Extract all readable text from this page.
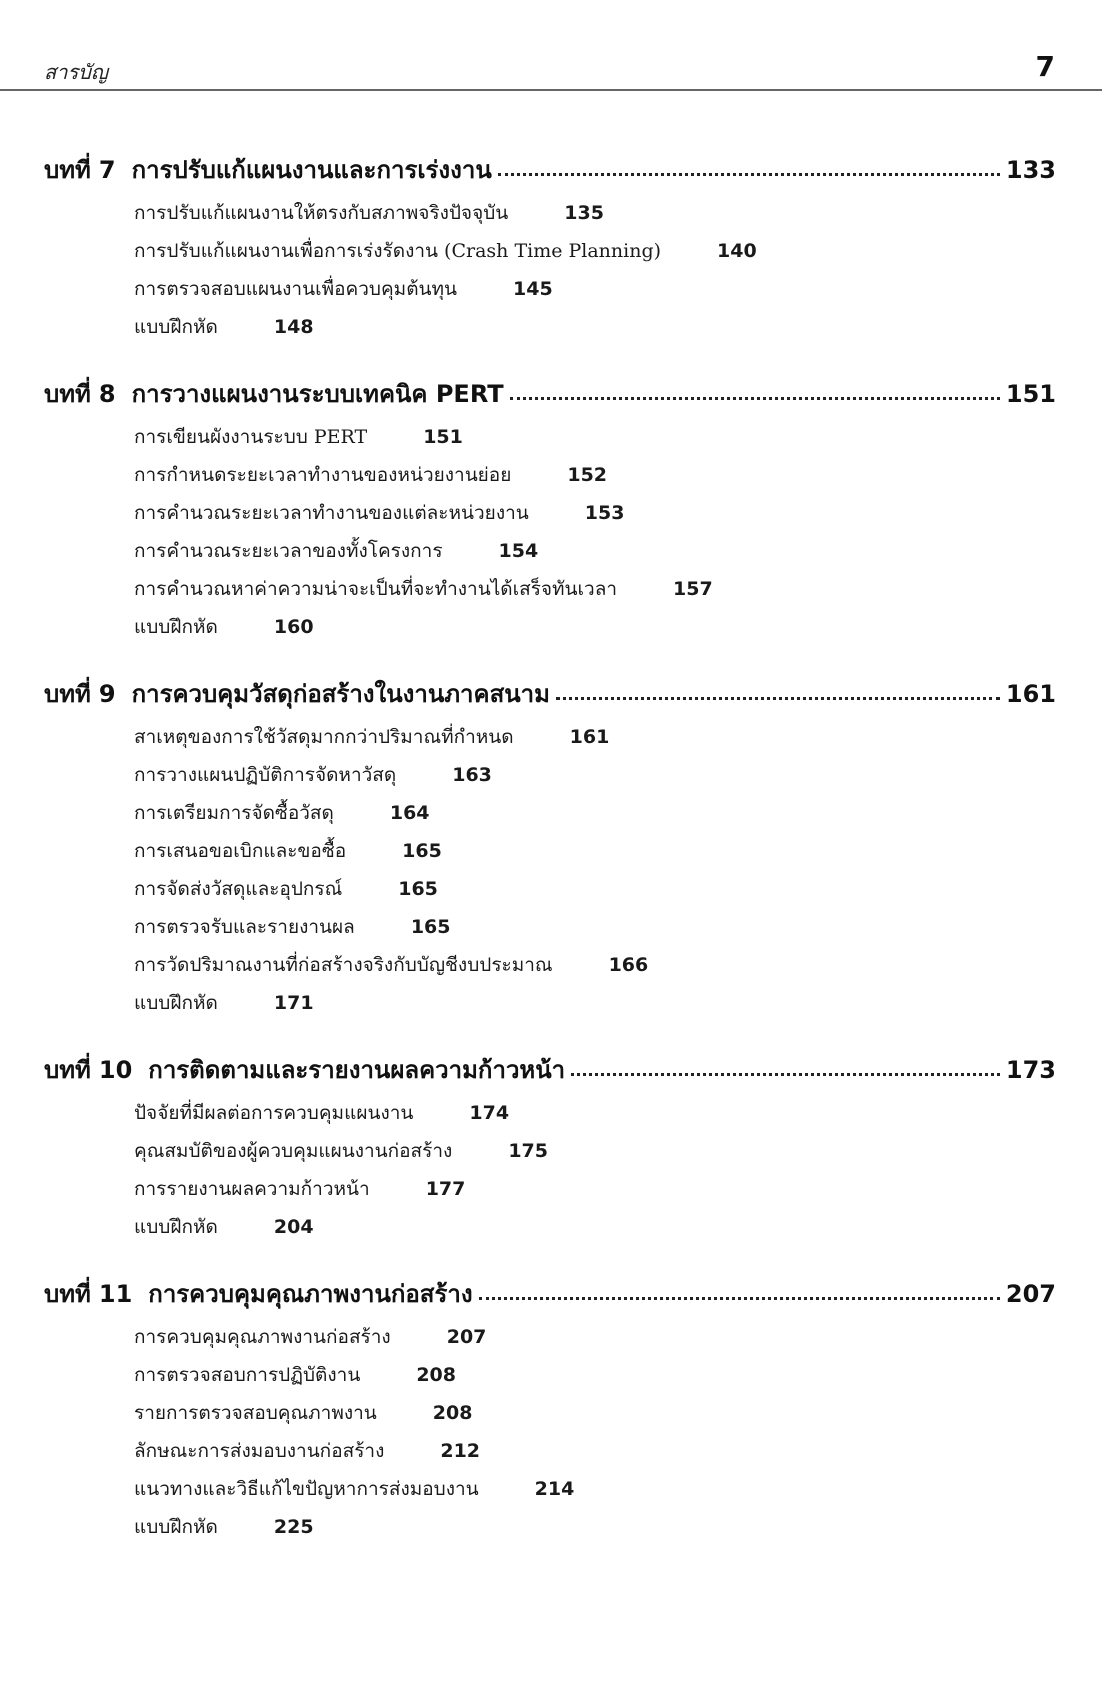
สารบัญ	7
บทที่ 7 การปรับแก้แผนงานและการเร่งงาน	133
การปรับแก้แผนงานให้ตรงกับสภาพจริงปัจจุบัน	135
การปรับแก้แผนงานเพื่อการเร่งรัดงาน (Crash Time Planning)	140
การตรวจสอบแผนงานเพื่อควบคุมต้นทุน	145
แบบฝึกหัด	148
บทที่ 8 การวางแผนงานระบบเทคนิค PERT	151
การเขียนผังงานระบบ PERT	151
การกำหนดระยะเวลาทำงานของหน่วยงานย่อย	152
การคำนวณระยะเวลาทำงานของแต่ละหน่วยงาน	153
การคำนวณระยะเวลาของทั้งโครงการ	154
การคำนวณหาค่าความน่าจะเป็นที่จะทำงานได้เสร็จทันเวลา	157
แบบฝึกหัด	160
บทที่ 9 การควบคุมวัสดุก่อสร้างในงานภาคสนาม	161
สาเหตุของการใช้วัสดุมากกว่าปริมาณที่กำหนด	161
การวางแผนปฏิบัติการจัดหาวัสดุ	163
การเตรียมการจัดซื้อวัสดุ	164
การเสนอขอเบิกและขอซื้อ	165
การจัดส่งวัสดุและอุปกรณ์	165
การตรวจรับและรายงานผล	165
การวัดปริมาณงานที่ก่อสร้างจริงกับบัญชีงบประมาณ	166
แบบฝึกหัด	171
บทที่ 10 การติดตามและรายงานผลความก้าวหน้า	173
ปัจจัยที่มีผลต่อการควบคุมแผนงาน	174
คุณสมบัติของผู้ควบคุมแผนงานก่อสร้าง	175
การรายงานผลความก้าวหน้า	177
แบบฝึกหัด	204
บทที่ 11 การควบคุมคุณภาพงานก่อสร้าง	207
การควบคุมคุณภาพงานก่อสร้าง	207
การตรวจสอบการปฏิบัติงาน	208
รายการตรวจสอบคุณภาพงาน	208
ลักษณะการส่งมอบงานก่อสร้าง	212
แนวทางและวิธีแก้ไขปัญหาการส่งมอบงาน	214
แบบฝึกหัด	225
